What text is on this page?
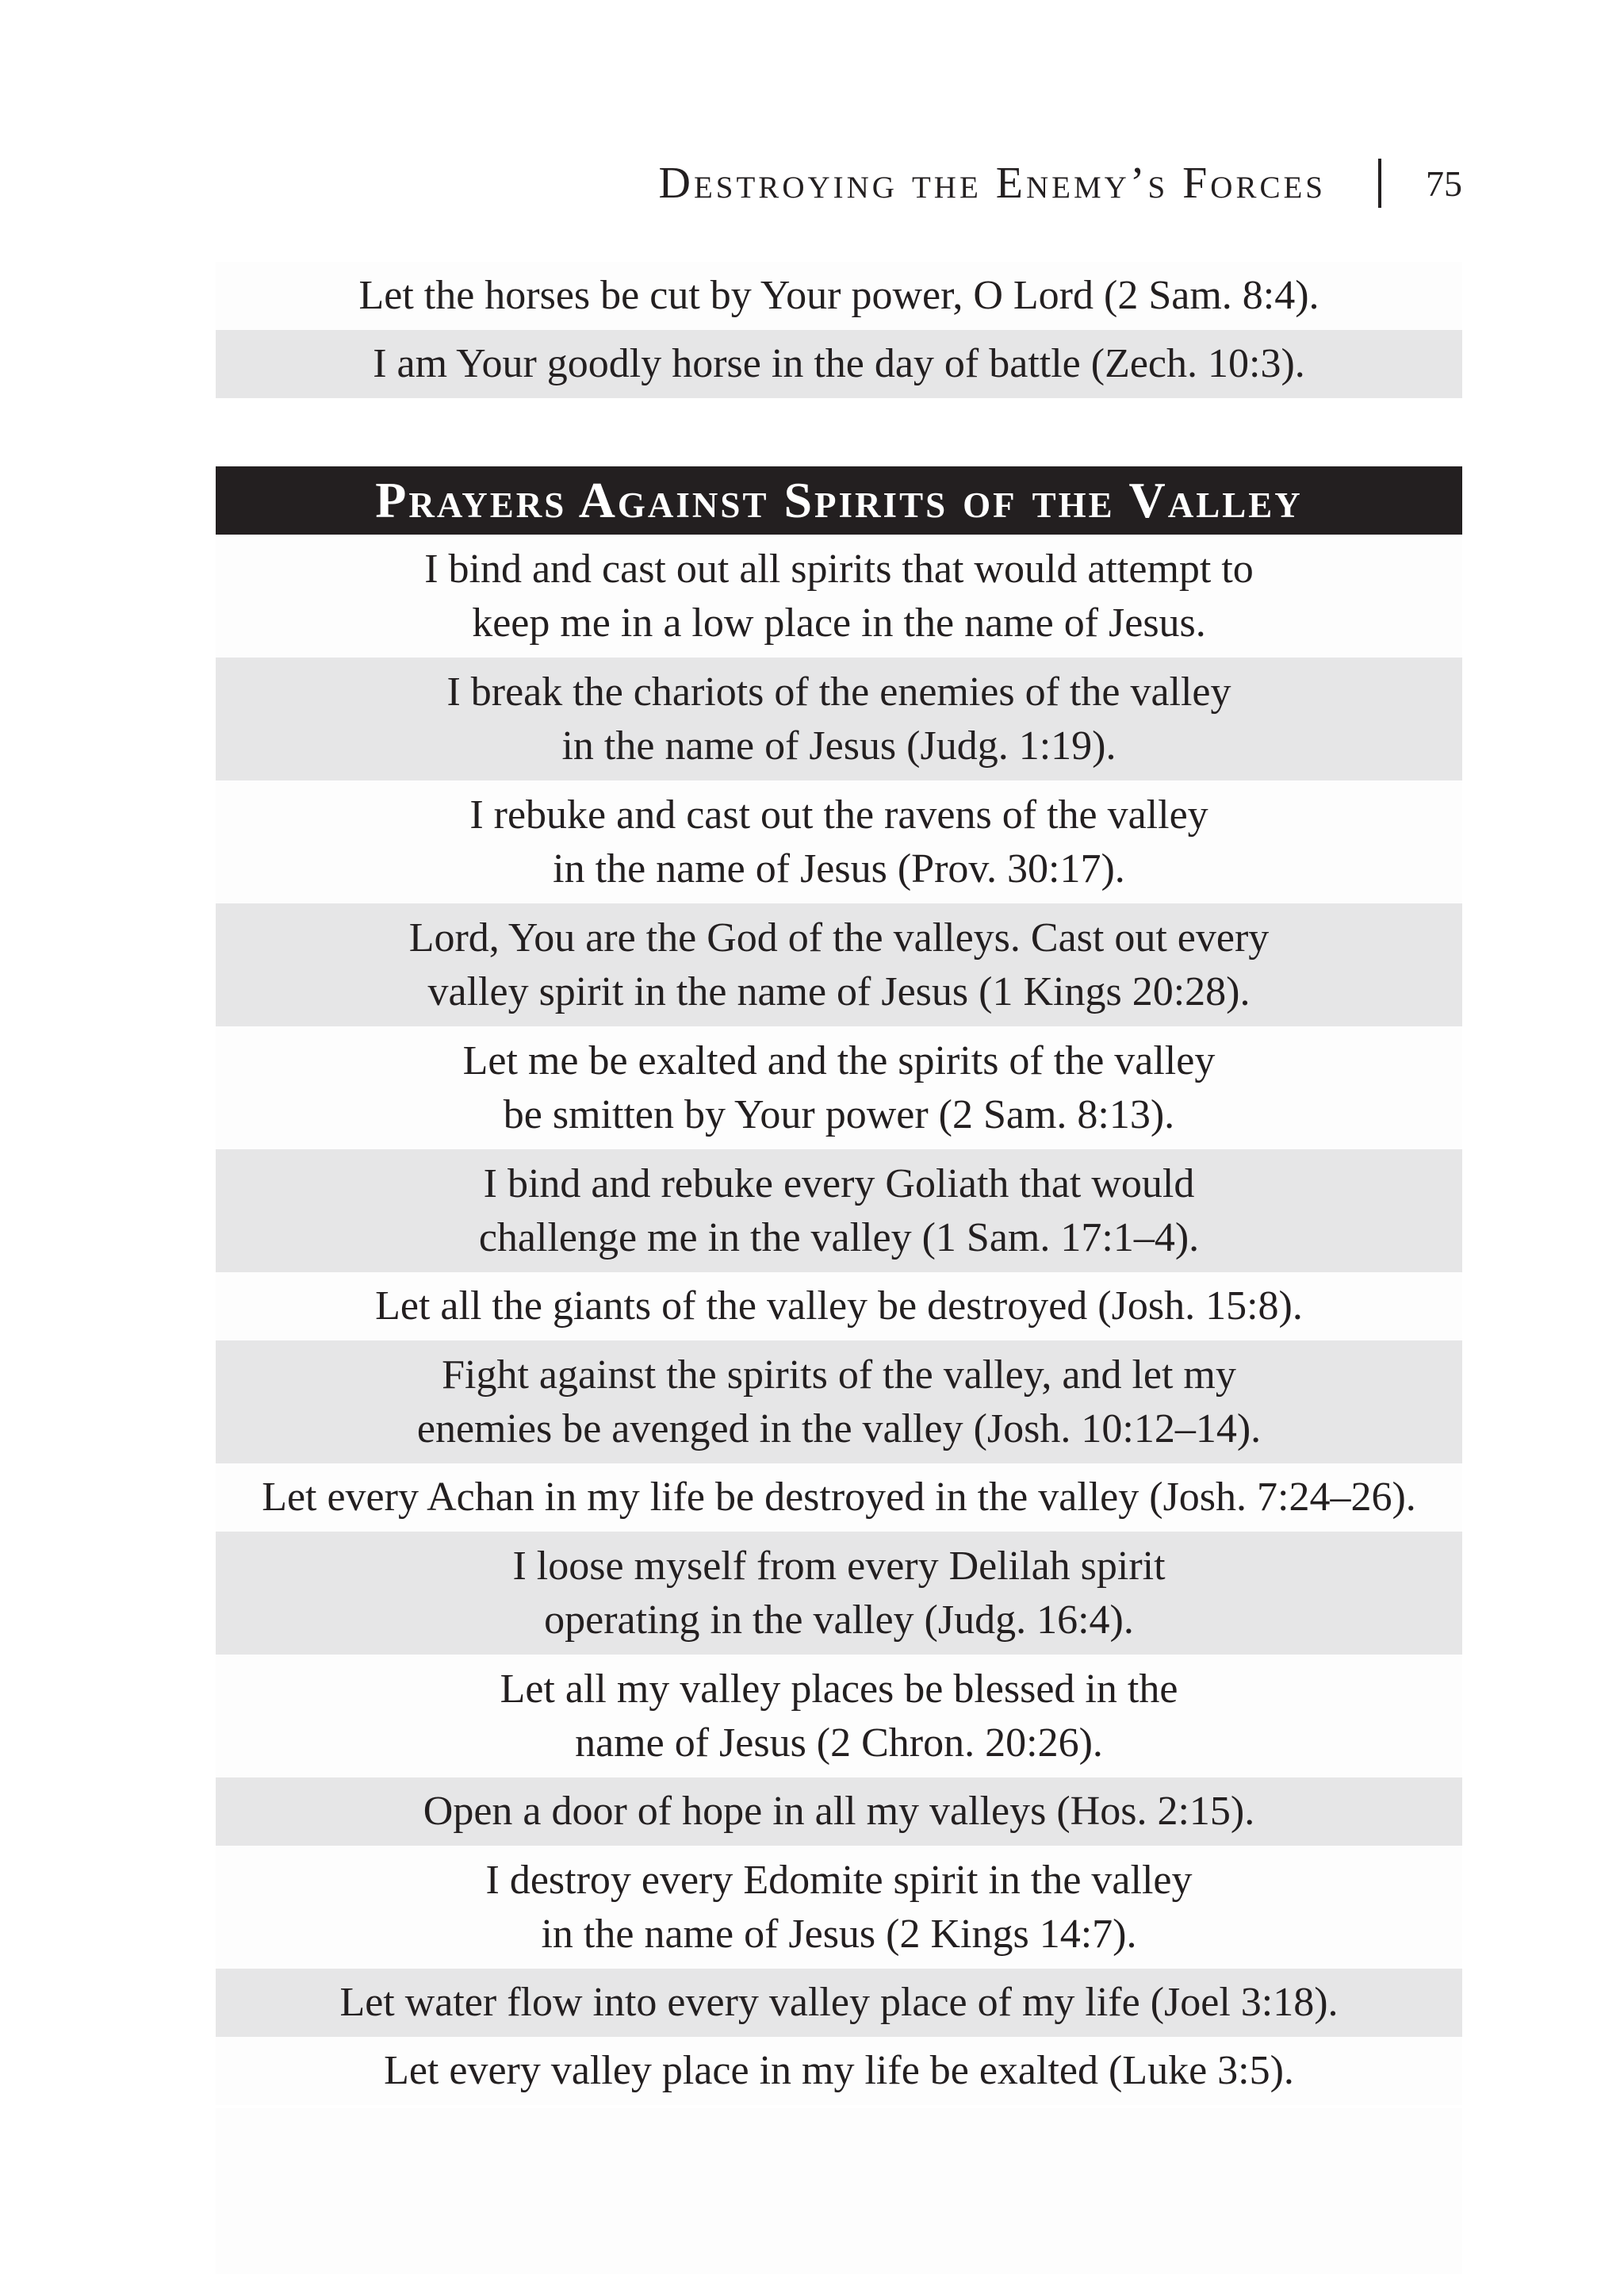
Destroying the Enemy’s Forces	75
Let the horses be cut by Your power, O Lord (2 Sam. 8:4).
I am Your goodly horse in the day of battle (Zech. 10:3).
Prayers Against Spirits of the Valley
I bind and cast out all spirits that would attempt to
keep me in a low place in the name of Jesus.
I break the chariots of the enemies of the valley
in the name of Jesus (Judg. 1:19).
I rebuke and cast out the ravens of the valley
in the name of Jesus (Prov. 30:17).
Lord, You are the God of the valleys. Cast out every
valley spirit in the name of Jesus (1 Kings 20:28).
Let me be exalted and the spirits of the valley
be smitten by Your power (2 Sam. 8:13).
I bind and rebuke every Goliath that would
challenge me in the valley (1 Sam. 17:1–4).
Let all the giants of the valley be destroyed (Josh. 15:8).
Fight against the spirits of the valley, and let my
enemies be avenged in the valley (Josh. 10:12–14).
Let every Achan in my life be destroyed in the valley (Josh. 7:24–26).
I loose myself from every Delilah spirit
operating in the valley (Judg. 16:4).
Let all my valley places be blessed in the
name of Jesus (2 Chron. 20:26).
Open a door of hope in all my valleys (Hos. 2:15).
I destroy every Edomite spirit in the valley
in the name of Jesus (2 Kings 14:7).
Let water flow into every valley place of my life (Joel 3:18).
Let every valley place in my life be exalted (Luke 3:5).
